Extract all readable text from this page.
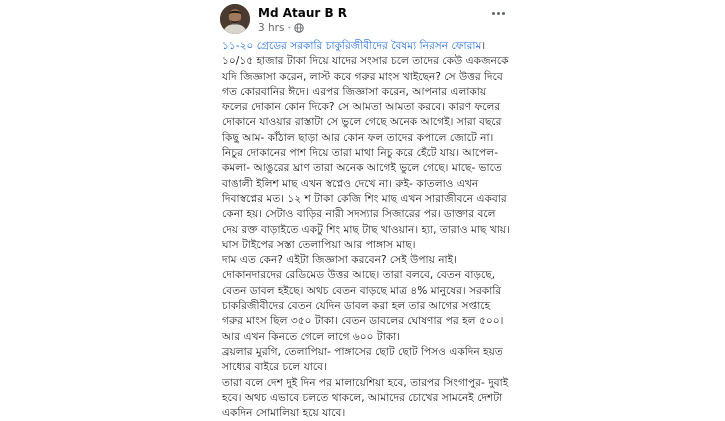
Md Ataur B R
3 hrs ·
১১-২০ গ্রেডের সরকারি চাকুরিজীবীদের বৈষম্য নিরসন ফোরাম।১০/১৫ হাজার টাকা দিয়ে যাদের সংসার চলে তাদের কেউ একজনকে যদি জিজ্ঞাসা করেন, লাস্ট কবে গরুর মাংস খাইছেন? সে উত্তর দিবে গত কোরবানির ঈদে। এরপর জিজ্ঞাসা করেন, আপনার এলাকায় ফলের দোকান কোন দিকে? সে আমতা আমতা করবে। কারণ ফলের দোকানে যাওয়ার রাস্তাটা সে ভুলে গেছে অনেক আগেই। সারা বছরে কিছু আম- কাঁঠাল ছাড়া আর কোন ফল তাদের কপালে জোটে না। নিচুর দোকানের পাশ দিয়ে তারা মাথা নিচু করে হেঁটে যায়। আপেল- কমলা- আঙুরের ঘ্রাণ তারা অনেক আগেই ভুলে গেছে। মাছে- ভাতে বাঙালী ইলিশ মাছ এখন স্বপ্নেও দেখে না। রুই- কাতলাও এখন দিবাস্বপ্নের মত। ১২ শ টাকা কেজি শিং মাছ এখন সারাজীবনে একবার কেনা হয়। সেটাও বাড়ির নারী সদস্যার সিজারের পর। ডাক্তার বলে দেয় রক্ত বাড়াইতে একটু শিং মাছ টাছ খাওয়ান। হ্যা, তারাও মাছ খায়। ঘাস টাইপের সস্তা তেলাপিয়া আর পাঙ্গাস মাছ।
দাম এত কেন? এইটা জিজ্ঞাসা করবেন? সেই উপায় নাই। দোকানদারদের রেডিমেড উত্তর আছে। তারা বলবে, বেতন বাড়ছে, বেতন ডাবল হইছে। অথচ বেতন বাড়ছে মাত্র ৪% মানুষের। সরকারি চাকরিজীবীদের বেতন যেদিন ডাবল করা হল তার আগের সপ্তাহে গরুর মাংস ছিল ৩৫০ টাকা। বেতন ডাবলের ঘোষণার পর হল ৫০০। আর এখন কিনতে গেলে লাগে ৬০০ টাকা।
ব্রয়লার মুরগি, তেলাপিয়া- পাঙ্গাসের ছোট ছোট পিসও একদিন হয়ত সাধ্যের বাইরে চলে যাবে।
তারা বলে দেশ দুই দিন পর মালায়েশিয়া হবে, তারপর সিংগাপুর- দুবাই হবে। অথচ এভাবে চলতে থাকলে, আমাদের চোখের সামনেই দেশটা একদিন সোমালিয়া হয়ে যাবে।
